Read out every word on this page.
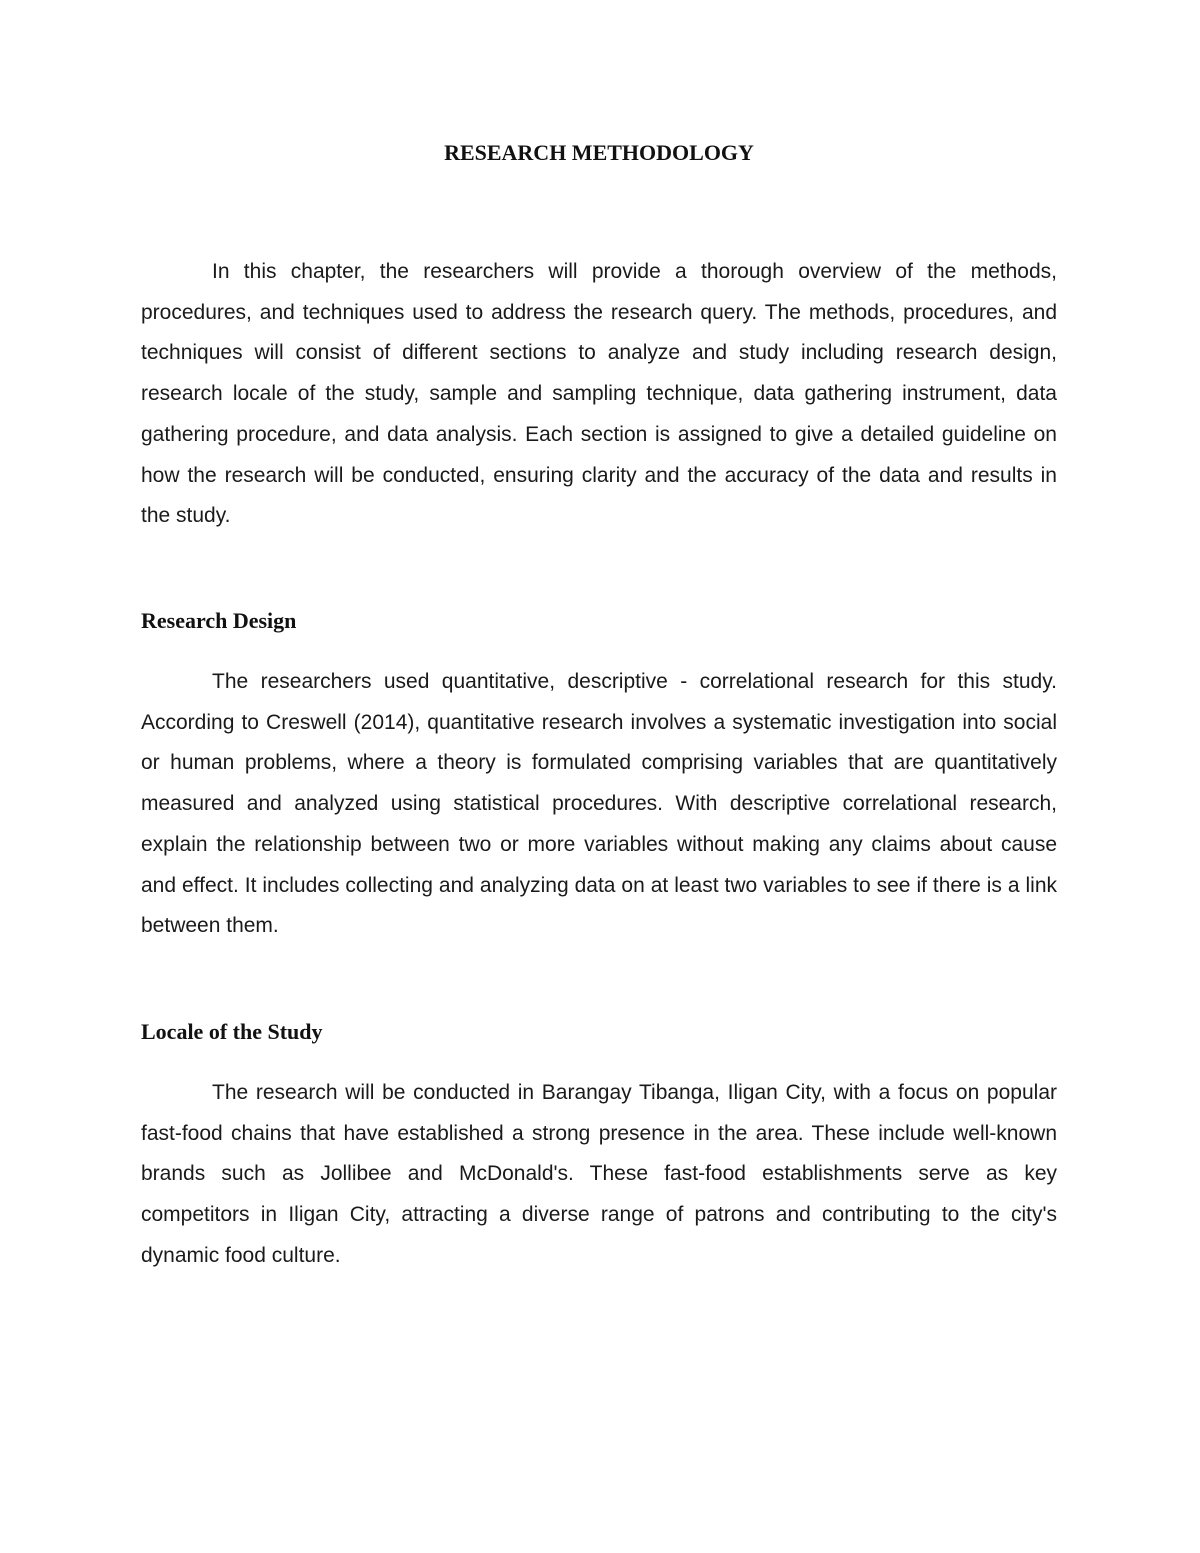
RESEARCH METHODOLOGY

In this chapter, the researchers will provide a thorough overview of the methods, procedures, and techniques used to address the research query. The methods, procedures, and techniques will consist of different sections to analyze and study including research design, research locale of the study, sample and sampling technique, data gathering instrument, data gathering procedure, and data analysis. Each section is assigned to give a detailed guideline on how the research will be conducted, ensuring clarity and the accuracy of the data and results in the study.

Research Design

The researchers used quantitative, descriptive - correlational research for this study. According to Creswell (2014), quantitative research involves a systematic investigation into social or human problems, where a theory is formulated comprising variables that are quantitatively measured and analyzed using statistical procedures. With descriptive correlational research, explain the relationship between two or more variables without making any claims about cause and effect. It includes collecting and analyzing data on at least two variables to see if there is a link between them.

Locale of the Study

The research will be conducted in Barangay Tibanga, Iligan City, with a focus on popular fast-food chains that have established a strong presence in the area. These include well-known brands such as Jollibee and McDonald's. These fast-food establishments serve as key competitors in Iligan City, attracting a diverse range of patrons and contributing to the city's dynamic food culture.
